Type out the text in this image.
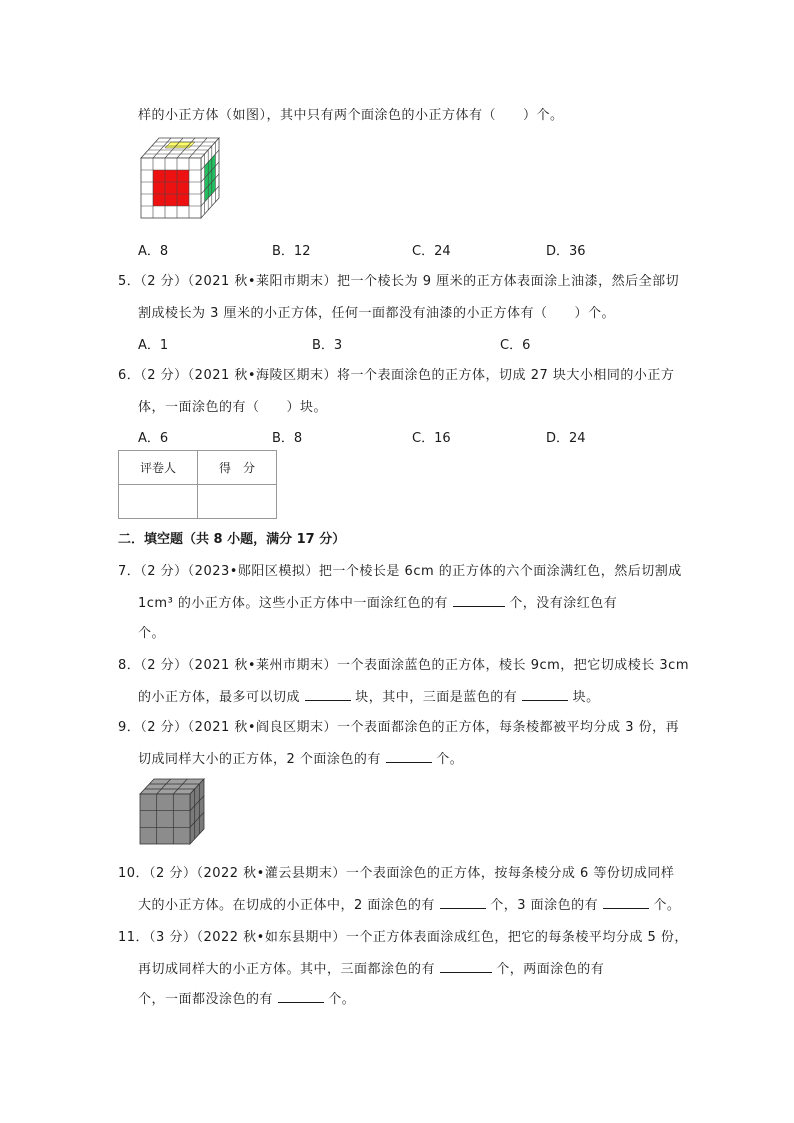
样的小正方体（如图），其中只有两个面涂色的小正方体有（　　）个。
A．8	B．12	C．24	D．36
5．（2 分）（2021 秋•莱阳市期末）把一个棱长为 9 厘米的正方体表面涂上油漆，然后全部切
割成棱长为 3 厘米的小正方体，任何一面都没有油漆的小正方体有（　　）个。
A．1	B．3	C．6
6．（2 分）（2021 秋•海陵区期末）将一个表面涂色的正方体，切成 27 块大小相同的小正方
体，一面涂色的有（　　）块。
A．6	B．8	C．16	D．24
评卷人	得　分

二．填空题（共 8 小题，满分 17 分）
7．（2 分）（2023•郧阳区模拟）把一个棱长是 6cm 的正方体的六个面涂满红色，然后切割成
1cm³ 的小正方体。这些小正方体中一面涂红色的有	个，没有涂红色有
个。
8．（2 分）（2021 秋•莱州市期末）一个表面涂蓝色的正方体，棱长 9cm，把它切成棱长 3cm
的小正方体，最多可以切成	块，其中，三面是蓝色的有	块。
9．（2 分）（2021 秋•阎良区期末）一个表面都涂色的正方体，每条棱都被平均分成 3 份，再
切成同样大小的正方体，2 个面涂色的有	个。
10．（2 分）（2022 秋•灌云县期末）一个表面涂色的正方体，按每条棱分成 6 等份切成同样
大的小正方体。在切成的小正体中，2 面涂色的有	个，3 面涂色的有	个。
11．（3 分）（2022 秋•如东县期中）一个正方体表面涂成红色，把它的每条棱平均分成 5 份，
再切成同样大的小正方体。其中，三面都涂色的有	个，两面涂色的有
个，一面都没涂色的有	个。
